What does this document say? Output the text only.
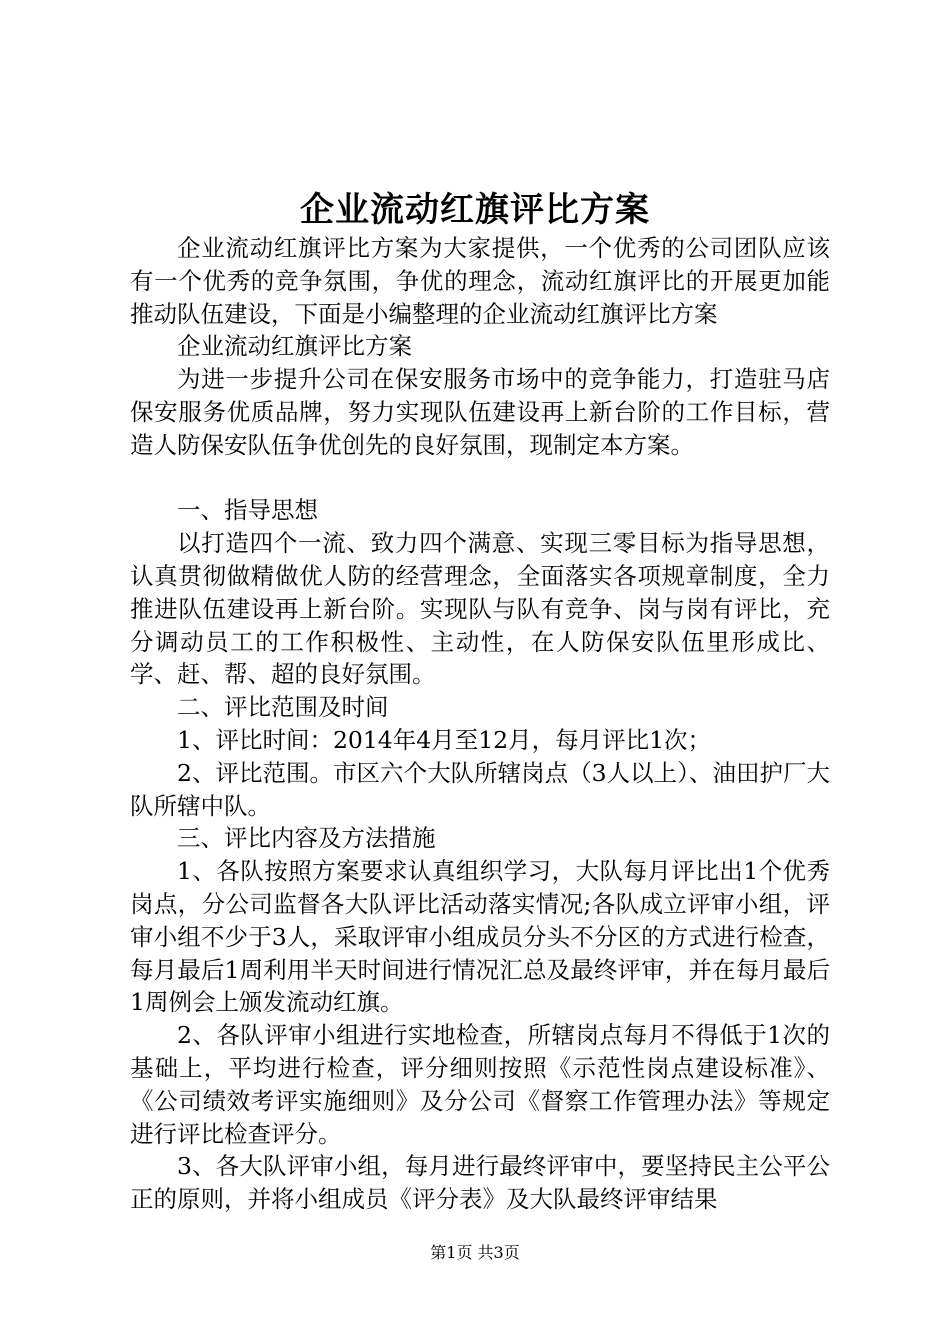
企业流动红旗评比方案

企业流动红旗评比方案为大家提供，一个优秀的公司团队应该有一个优秀的竞争氛围，争优的理念，流动红旗评比的开展更加能推动队伍建设，下面是小编整理的企业流动红旗评比方案

企业流动红旗评比方案

为进一步提升公司在保安服务市场中的竞争能力，打造驻马店保安服务优质品牌，努力实现队伍建设再上新台阶的工作目标，营造人防保安队伍争优创先的良好氛围，现制定本方案。

一、指导思想

以打造四个一流、致力四个满意、实现三零目标为指导思想，认真贯彻做精做优人防的经营理念，全面落实各项规章制度，全力推进队伍建设再上新台阶。实现队与队有竞争、岗与岗有评比，充分调动员工的工作积极性、主动性，在人防保安队伍里形成比、学、赶、帮、超的良好氛围。

二、评比范围及时间

1、评比时间：2014年4月至12月，每月评比1次；

2、评比范围。市区六个大队所辖岗点（3人以上）、油田护厂大队所辖中队。

三、评比内容及方法措施

1、各队按照方案要求认真组织学习，大队每月评比出1个优秀岗点，分公司监督各大队评比活动落实情况;各队成立评审小组，评审小组不少于3人，采取评审小组成员分头不分区的方式进行检查，每月最后1周利用半天时间进行情况汇总及最终评审，并在每月最后1周例会上颁发流动红旗。

2、各队评审小组进行实地检查，所辖岗点每月不得低于1次的基础上，平均进行检查，评分细则按照《示范性岗点建设标准》、《公司绩效考评实施细则》及分公司《督察工作管理办法》等规定进行评比检查评分。

3、各大队评审小组，每月进行最终评审中，要坚持民主公平公正的原则，并将小组成员《评分表》及大队最终评审结果

第1页 共3页
